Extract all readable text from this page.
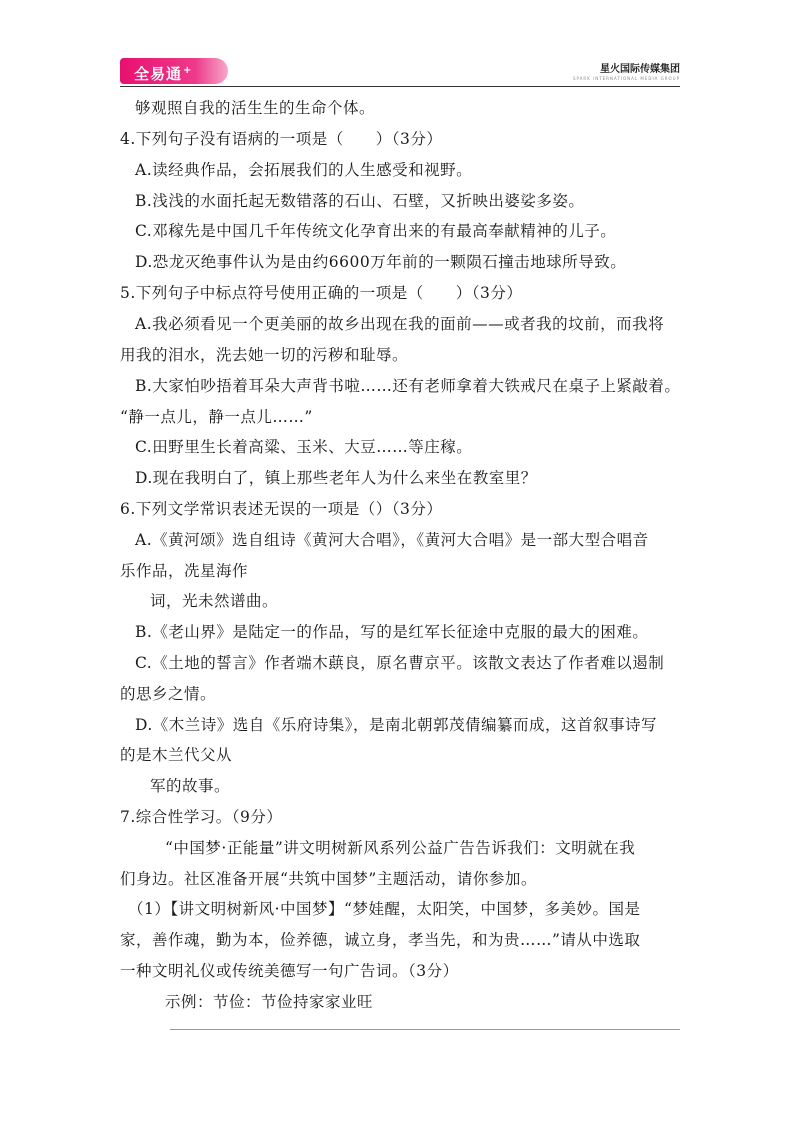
全易通+	星火国际传媒集团
SPARK INTERNATIONAL MEDIA GROUP
够观照自我的活生生的生命个体。
4.下列句子没有语病的一项是（　　）（3分）
A.读经典作品，会拓展我们的人生感受和视野。
B.浅浅的水面托起无数错落的石山、石壁，又折映出婆娑多姿。
C.邓稼先是中国几千年传统文化孕育出来的有最高奉献精神的儿子。
D.恐龙灭绝事件认为是由约6600万年前的一颗陨石撞击地球所导致。
5.下列句子中标点符号使用正确的一项是（　　）（3分）
A.我必须看见一个更美丽的故乡出现在我的面前——或者我的坟前，而我将
用我的泪水，洗去她一切的污秽和耻辱。
B.大家怕吵捂着耳朵大声背书啦……还有老师拿着大铁戒尺在桌子上紧敲着。
“静一点儿，静一点儿……”
C.田野里生长着高粱、玉米、大豆……等庄稼。
D.现在我明白了，镇上那些老年人为什么来坐在教室里？
6.下列文学常识表述无误的一项是（）（3分）
A.《黄河颂》选自组诗《黄河大合唱》，《黄河大合唱》是一部大型合唱音
乐作品，冼星海作
词，光未然谱曲。
B.《老山界》是陆定一的作品，写的是红军长征途中克服的最大的困难。
C.《土地的誓言》作者端木蕻良，原名曹京平。该散文表达了作者难以遏制
的思乡之情。
D.《木兰诗》选自《乐府诗集》，是南北朝郭茂倩编纂而成，这首叙事诗写
的是木兰代父从
军的故事。
7.综合性学习。（9分）
“中国梦·正能量”讲文明树新风系列公益广告告诉我们：文明就在我
们身边。社区准备开展“共筑中国梦”主题活动，请你参加。
（1）【讲文明树新风·中国梦】“梦娃醒，太阳笑，中国梦，多美妙。国是
家，善作魂，勤为本，俭养德，诚立身，孝当先，和为贵……”请从中选取
一种文明礼仪或传统美德写一句广告词。（3分）
示例：节俭：节俭持家家业旺
